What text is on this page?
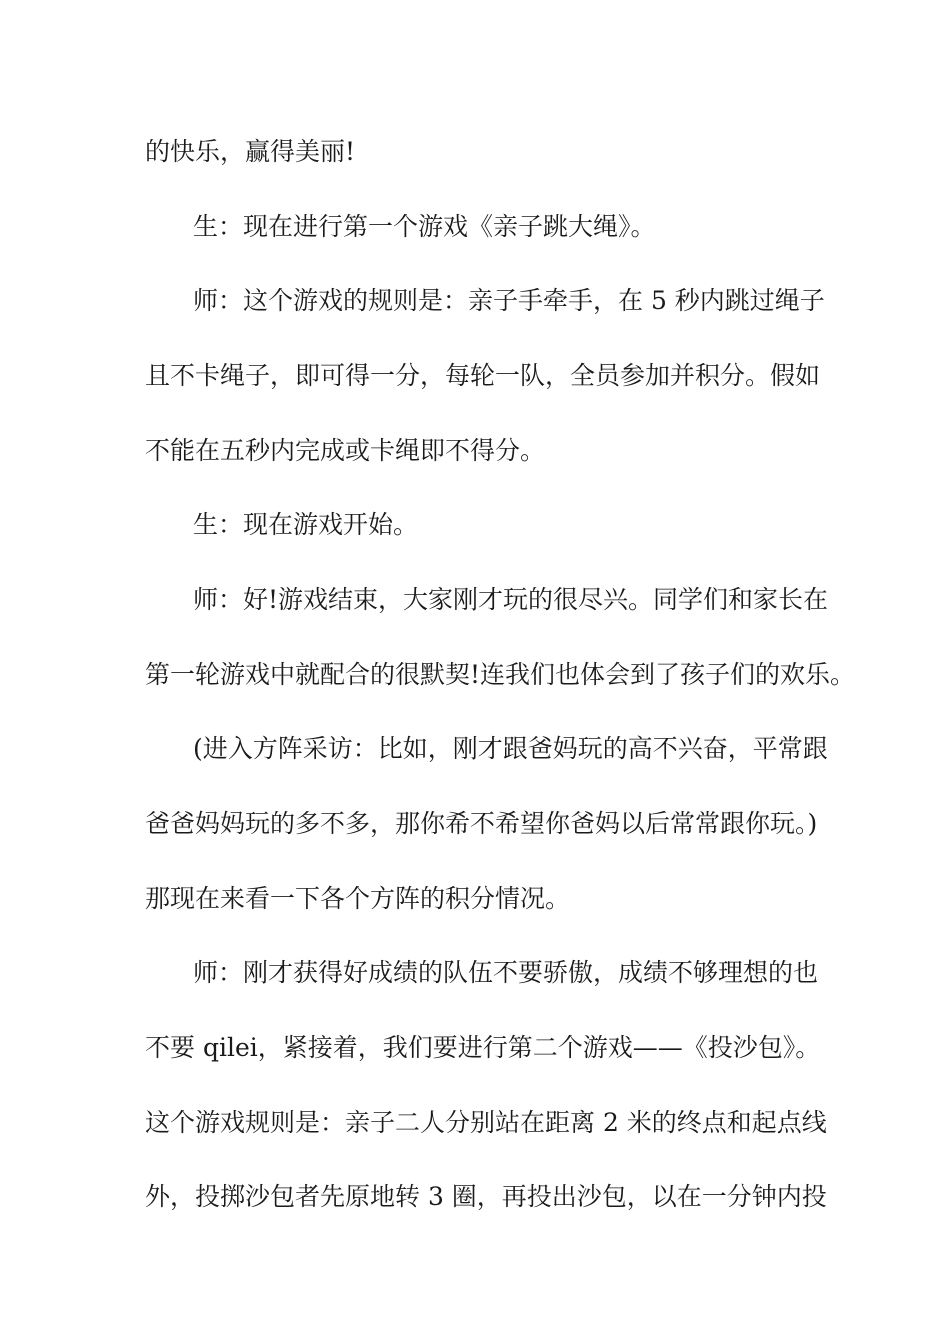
的快乐，赢得美丽!
生：现在进行第一个游戏《亲子跳大绳》。
师：这个游戏的规则是：亲子手牵手，在 5 秒内跳过绳子
且不卡绳子，即可得一分，每轮一队，全员参加并积分。假如
不能在五秒内完成或卡绳即不得分。
生：现在游戏开始。
师：好!游戏结束，大家刚才玩的很尽兴。同学们和家长在
第一轮游戏中就配合的很默契!连我们也体会到了孩子们的欢乐。
(进入方阵采访：比如，刚才跟爸妈玩的高不兴奋，平常跟
爸爸妈妈玩的多不多，那你希不希望你爸妈以后常常跟你玩。)
那现在来看一下各个方阵的积分情况。
师：刚才获得好成绩的队伍不要骄傲，成绩不够理想的也
不要 qilei，紧接着，我们要进行第二个游戏——《投沙包》。
这个游戏规则是：亲子二人分别站在距离 2 米的终点和起点线
外，投掷沙包者先原地转 3 圈，再投出沙包，以在一分钟内投
